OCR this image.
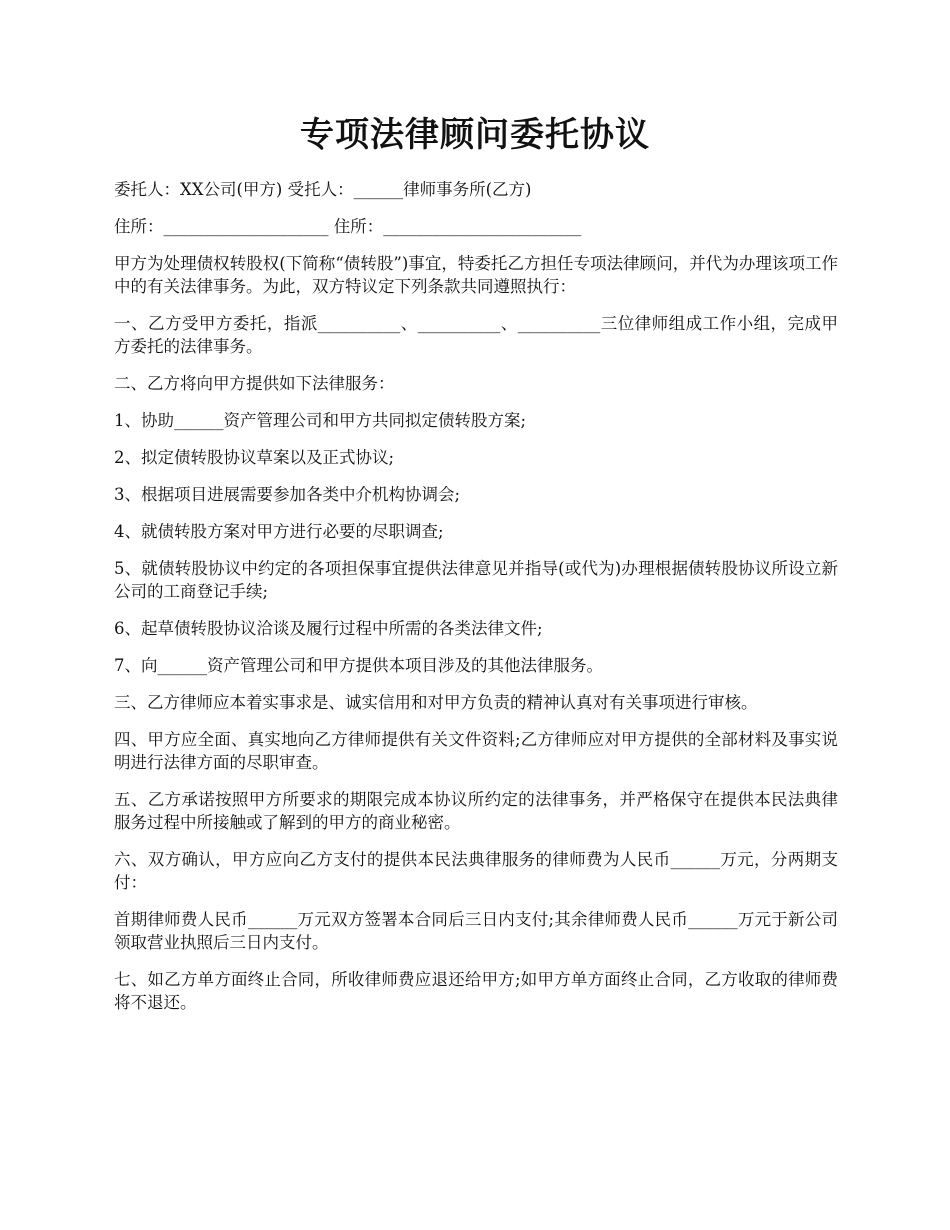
专项法律顾问委托协议

委托人：XX公司(甲方) 受托人：______律师事务所(乙方)

住所：____________________ 住所：________________________

甲方为处理债权转股权(下简称“债转股”)事宜，特委托乙方担任专项法律顾问，并代为办理该项工作中的有关法律事务。为此，双方特议定下列条款共同遵照执行：

一、乙方受甲方委托，指派__________、__________、__________三位律师组成工作小组，完成甲方委托的法律事务。

二、乙方将向甲方提供如下法律服务：

1、协助______资产管理公司和甲方共同拟定债转股方案;

2、拟定债转股协议草案以及正式协议;

3、根据项目进展需要参加各类中介机构协调会;

4、就债转股方案对甲方进行必要的尽职调查;

5、就债转股协议中约定的各项担保事宜提供法律意见并指导(或代为)办理根据债转股协议所设立新公司的工商登记手续;

6、起草债转股协议洽谈及履行过程中所需的各类法律文件;

7、向______资产管理公司和甲方提供本项目涉及的其他法律服务。

三、乙方律师应本着实事求是、诚实信用和对甲方负责的精神认真对有关事项进行审核。

四、甲方应全面、真实地向乙方律师提供有关文件资料;乙方律师应对甲方提供的全部材料及事实说明进行法律方面的尽职审查。

五、乙方承诺按照甲方所要求的期限完成本协议所约定的法律事务，并严格保守在提供本民法典律服务过程中所接触或了解到的甲方的商业秘密。

六、双方确认，甲方应向乙方支付的提供本民法典律服务的律师费为人民币______万元，分两期支付：

首期律师费人民币______万元双方签署本合同后三日内支付;其余律师费人民币______万元于新公司领取营业执照后三日内支付。

七、如乙方单方面终止合同，所收律师费应退还给甲方;如甲方单方面终止合同，乙方收取的律师费将不退还。
